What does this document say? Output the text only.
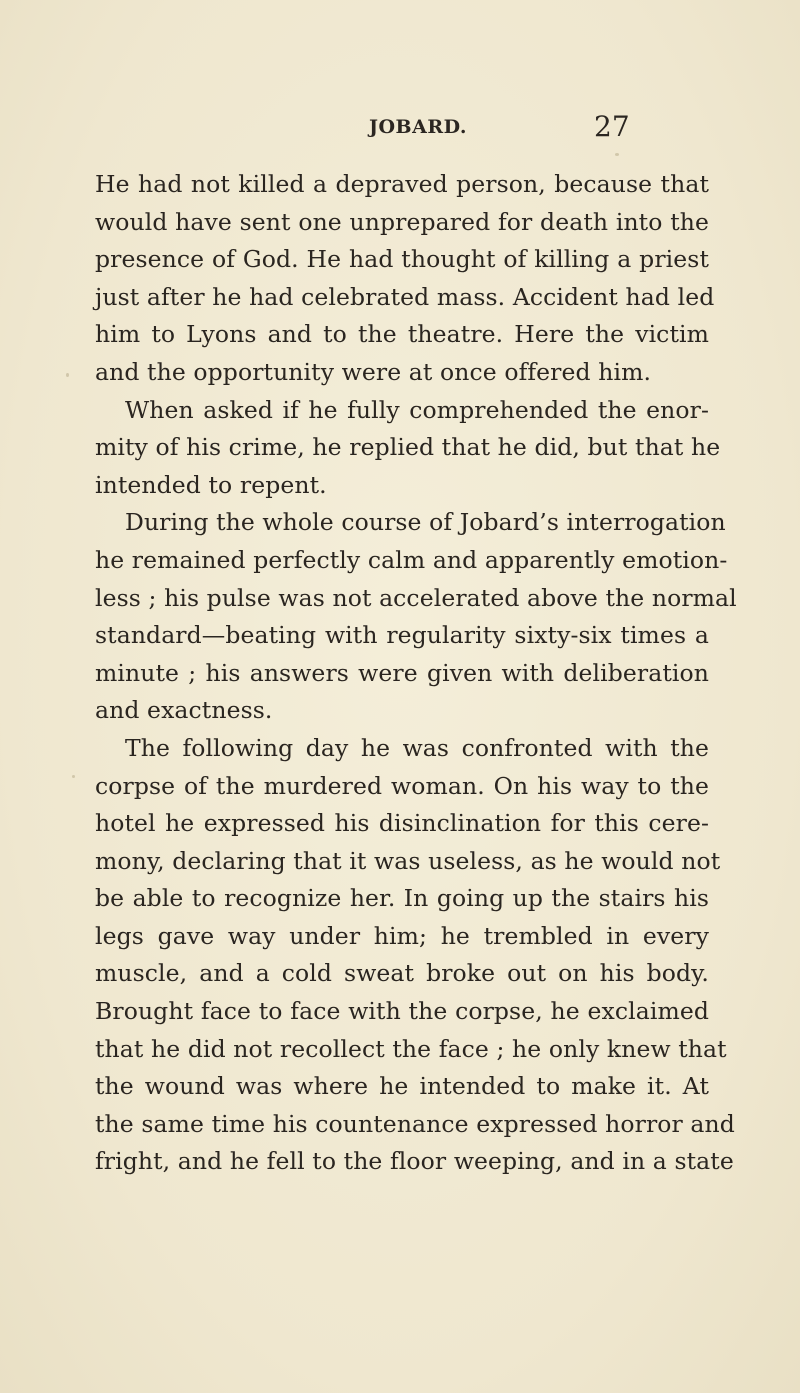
JOBARD.	27
He had not killed a depraved person, because that
would have sent one unprepared for death into the
presence of God. He had thought of killing a priest
just after he had celebrated mass. Accident had led
him to Lyons and to the theatre. Here the victim
and the opportunity were at once offered him.
When asked if he fully comprehended the enor-
mity of his crime, he replied that he did, but that he
intended to repent.
During the whole course of Jobard’s interrogation
he remained perfectly calm and apparently emotion-
less ; his pulse was not accelerated above the normal
standard—beating with regularity sixty-six times a
minute ; his answers were given with deliberation
and exactness.
The following day he was confronted with the
corpse of the murdered woman. On his way to the
hotel he expressed his disinclination for this cere-
mony, declaring that it was useless, as he would not
be able to recognize her. In going up the stairs his
legs gave way under him; he trembled in every
muscle, and a cold sweat broke out on his body.
Brought face to face with the corpse, he exclaimed
that he did not recollect the face ; he only knew that
the wound was where he intended to make it. At
the same time his countenance expressed horror and
fright, and he fell to the floor weeping, and in a state
